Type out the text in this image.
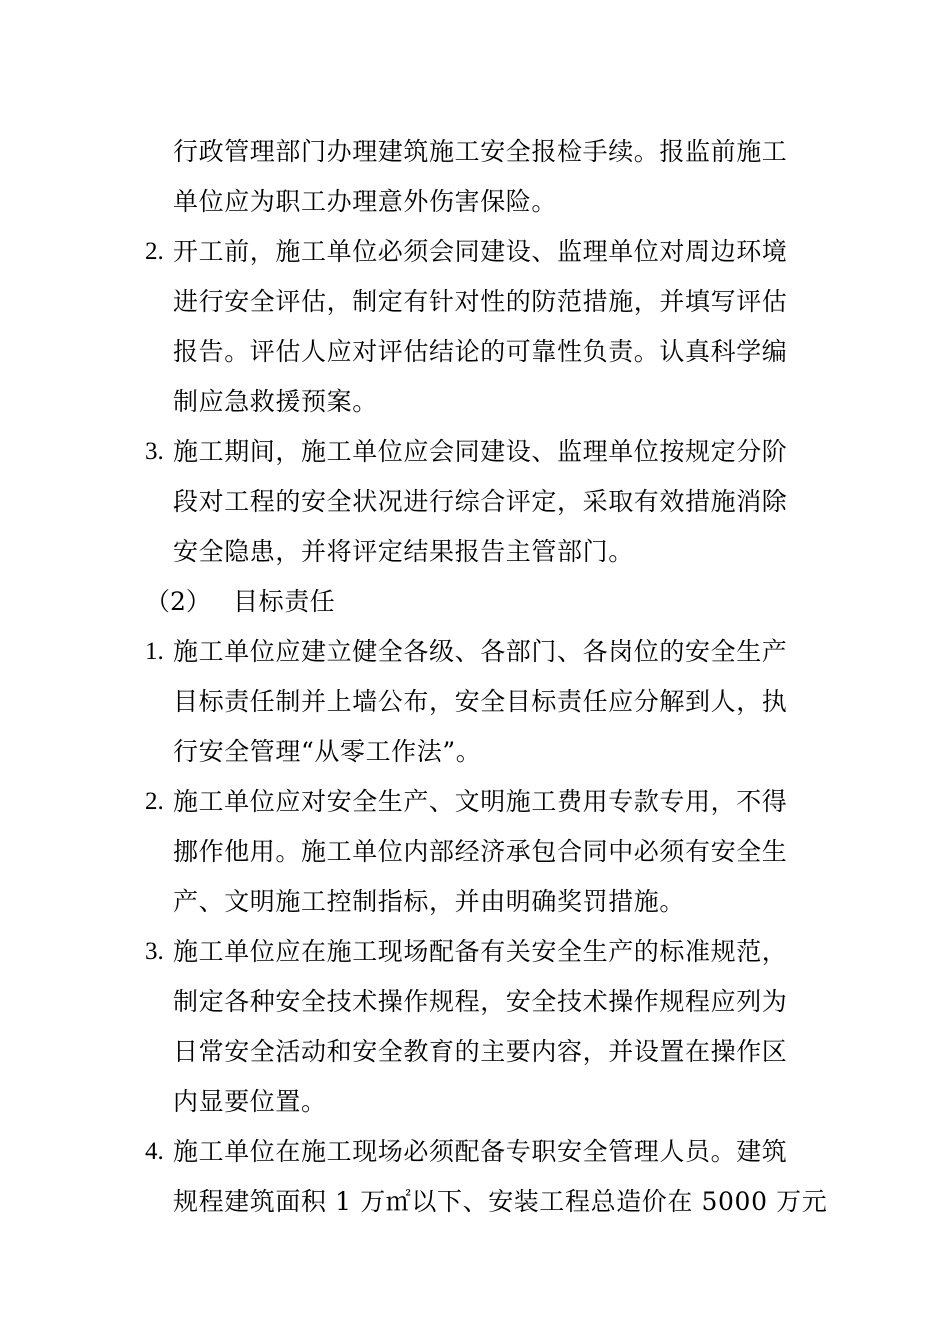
行政管理部门办理建筑施工安全报检手续。报监前施工
单位应为职工办理意外伤害保险。
2. 开工前，施工单位必须会同建设、监理单位对周边环境
进行安全评估，制定有针对性的防范措施，并填写评估
报告。评估人应对评估结论的可靠性负责。认真科学编
制应急救援预案。
3. 施工期间，施工单位应会同建设、监理单位按规定分阶
段对工程的安全状况进行综合评定，采取有效措施消除
安全隐患，并将评定结果报告主管部门。
（2） 目标责任
1. 施工单位应建立健全各级、各部门、各岗位的安全生产
目标责任制并上墙公布，安全目标责任应分解到人，执
行安全管理“从零工作法”。
2. 施工单位应对安全生产、文明施工费用专款专用，不得
挪作他用。施工单位内部经济承包合同中必须有安全生
产、文明施工控制指标，并由明确奖罚措施。
3. 施工单位应在施工现场配备有关安全生产的标准规范，
制定各种安全技术操作规程，安全技术操作规程应列为
日常安全活动和安全教育的主要内容，并设置在操作区
内显要位置。
4. 施工单位在施工现场必须配备专职安全管理人员。建筑
规程建筑面积 1 万㎡以下、安装工程总造价在 5000 万元
